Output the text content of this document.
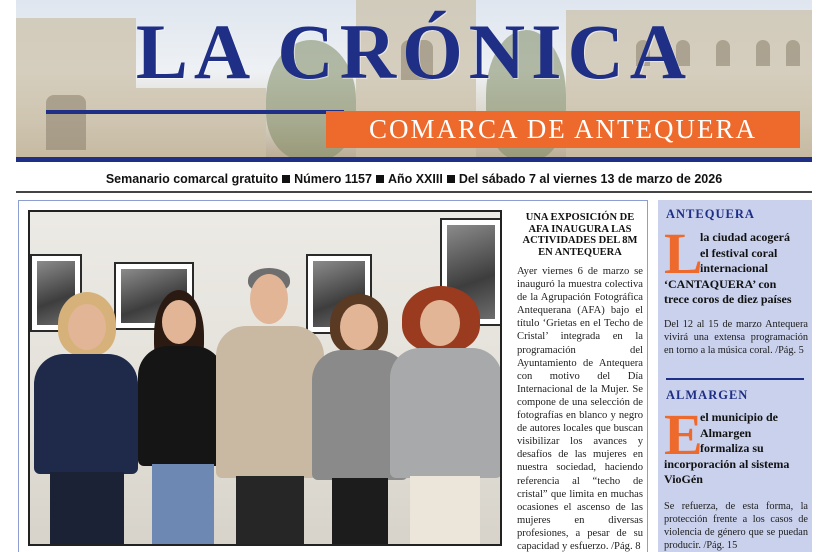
LA CRÓNICA
COMARCA DE ANTEQUERA
Semanario comarcal gratuito Número 1157 Año XXIII Del sábado 7 al viernes 13 de marzo de 2026
UNA EXPOSICIÓN DE AFA INAUGURA LAS ACTIVIDADES DEL 8M EN ANTEQUERA
Ayer viernes 6 de marzo se inauguró la muestra colectiva de la Agrupación Fotográfica Antequerana (AFA) bajo el título ‘Grietas en el Techo de Cristal’ integrada en la programación del Ayuntamiento de Antequera con motivo del Día Internacional de la Mujer. Se compone de una selección de fotografías en blanco y negro de autores locales que buscan visibilizar los avances y desafíos de las mujeres en nuestra sociedad, haciendo referencia al “techo de cristal” que limita en muchas ocasiones el ascenso de las mujeres en diversas profesiones, a pesar de su capacidad y esfuerzo. /Pág. 8
ANTEQUERA
L
la ciudad acogerá
el festival coral
internacional

‘CANTAQUERA’ con
trece coros de diez países
Del 12 al 15 de marzo Antequera vivirá una extensa programación en torno a la música coral. /Pág. 5
ALMARGEN
E
el municipio de
Almargen
formaliza su

incorporación al sistema
VioGén
Se refuerza, de esta forma, la protección frente a los casos de violencia de género que se puedan producir. /Pág. 15
